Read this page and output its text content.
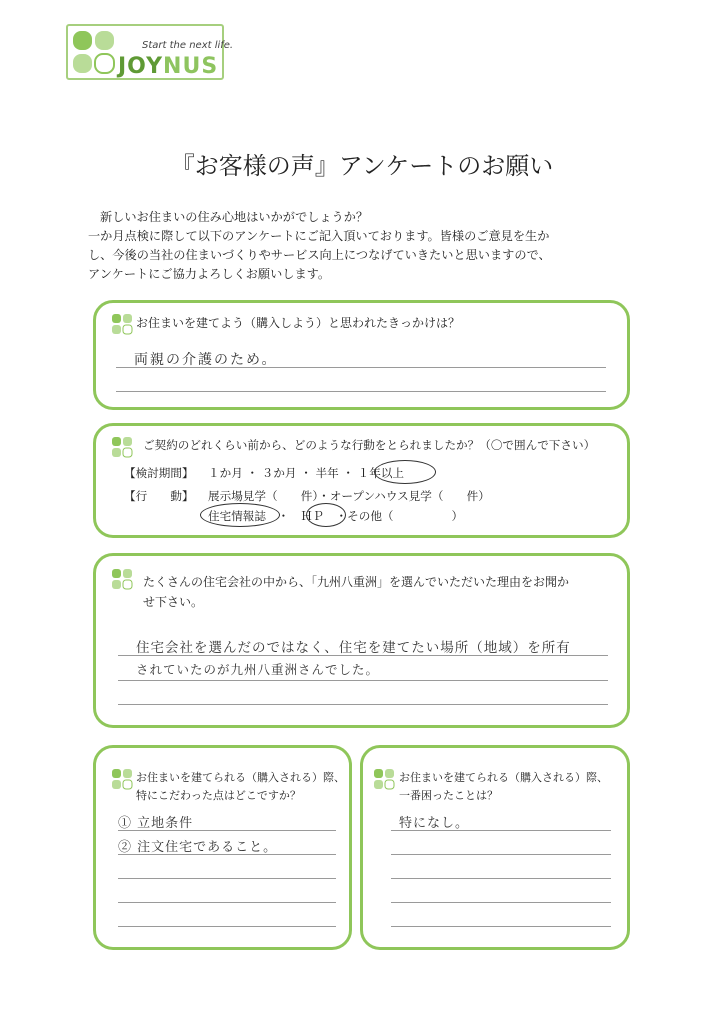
Start the next life.
JOYNUS
『お客様の声』アンケートのお願い
新しいお住まいの住み心地はいかがでしょうか？
一か月点検に際して以下のアンケートにご記入頂いております。皆様のご意見を生か
し、今後の当社の住まいづくりやサービス向上につなげていきたいと思いますので、
アンケートにご協力よろしくお願いします。
お住まいを建てよう（購入しよう）と思われたきっかけは？
両親の介護のため。
ご契約のどれくらい前から、どのような行動をとられましたか？（〇で囲んで下さい）
【検討期間】 １か月 ・ ３か月 ・ 半年 ・ １年以上
【行　　動】 展示場見学（　　件）・オープンハウス見学（　　件）
住宅情報誌　・　ＨＰ　・その他（　　　　　）
たくさんの住宅会社の中から、「九州八重洲」を選んでいただいた理由をお聞か
せ下さい。
住宅会社を選んだのではなく、住宅を建てたい場所（地域）を所有
されていたのが九州八重洲さんでした。
お住まいを建てられる（購入される）際、
特にこだわった点はどこですか？
① 立地条件
② 注文住宅であること。
お住まいを建てられる（購入される）際、
一番困ったことは？
特になし。
